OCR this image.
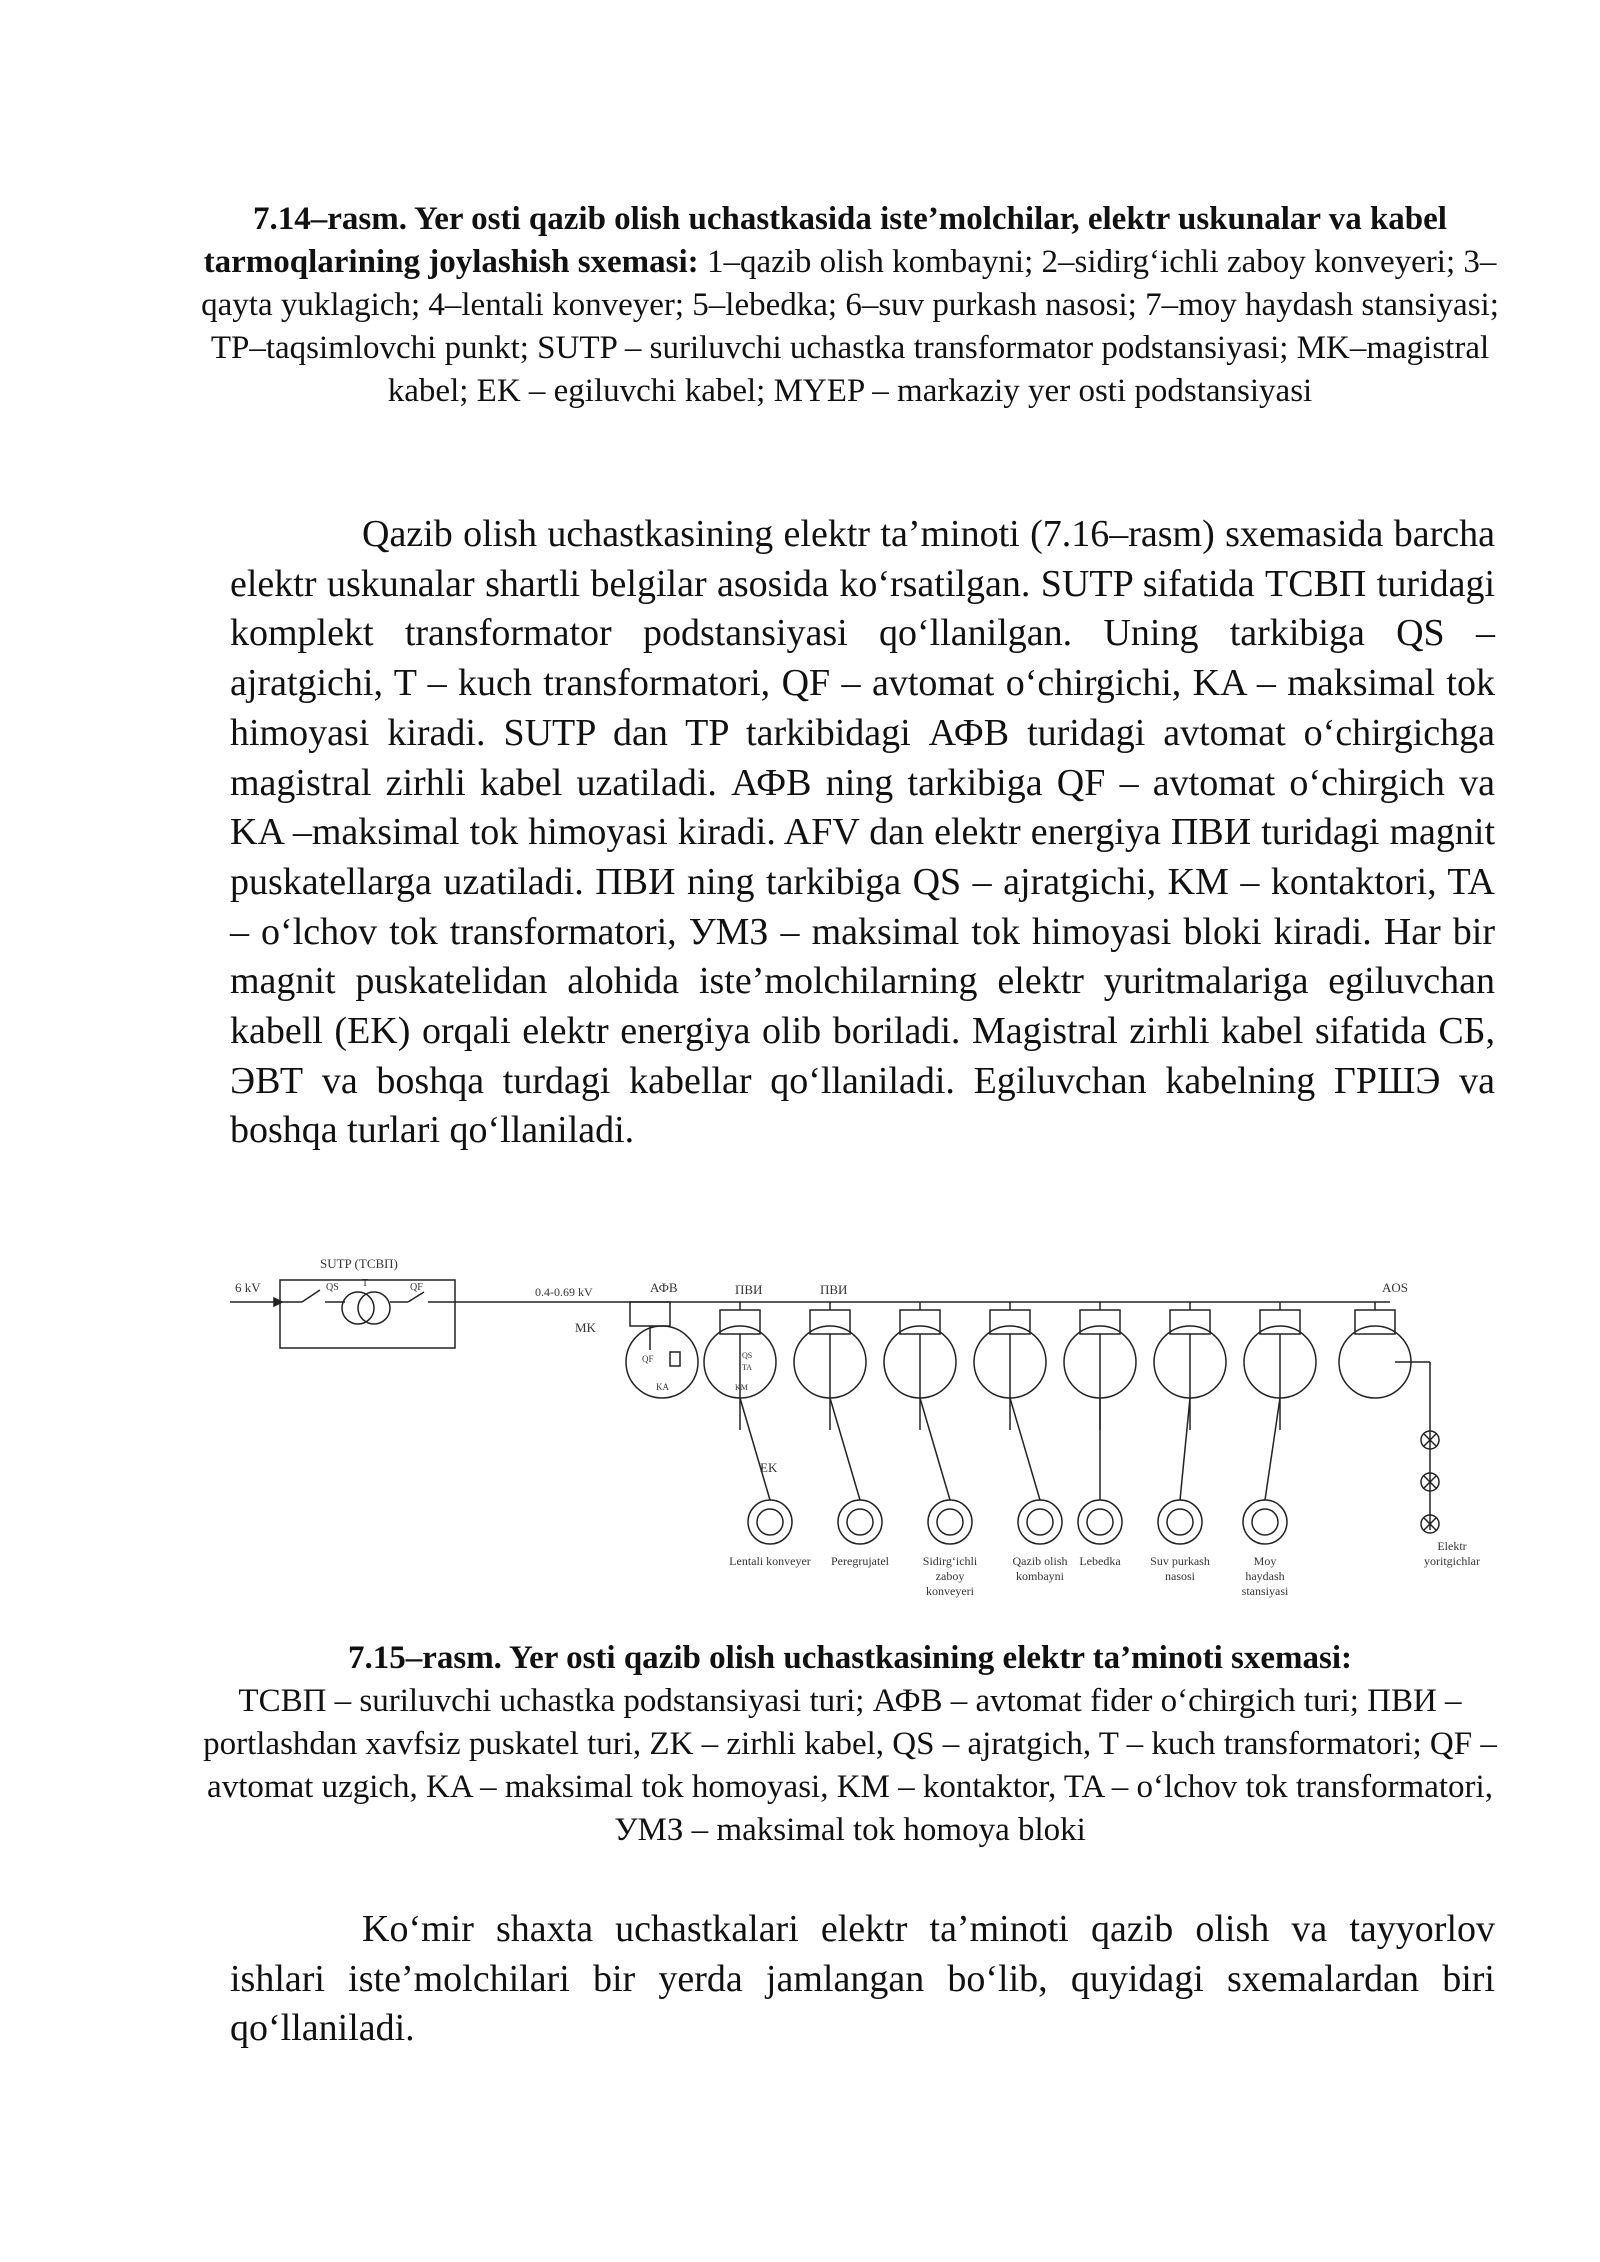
7.14–rasm. Yer osti qazib olish uchastkasida iste’molchilar, elektr uskunalar va kabel tarmoqlarining joylashish sxemasi: 1–qazib olish kombayni; 2–sidirg‘ichli zaboy konveyeri; 3–qayta yuklagich; 4–lentali konveyer; 5–lebedka; 6–suv purkash nasosi; 7–moy haydash stansiyasi; TP–taqsimlovchi punkt; SUTP – suriluvchi uchastka transformator podstansiyasi; MK–magistral kabel; EK – egiluvchi kabel; MYEP – markaziy yer osti podstansiyasi
Qazib olish uchastkasining elektr ta’minoti (7.16–rasm) sxemasida barcha elektr uskunalar shartli belgilar asosida ko‘rsatilgan. SUTP sifatida ТСВП turidagi komplekt transformator podstansiyasi qo‘llanilgan. Uning tarkibiga QS – ajratgichi, T – kuch transformatori, QF – avtomat o‘chirgichi, KA – maksimal tok himoyasi kiradi. SUTP dan TP tarkibidagi АФВ turidagi avtomat o‘chirgichga magistral zirhli kabel uzatiladi. АФВ ning tarkibiga QF – avtomat o‘chirgich va KA –maksimal tok himoyasi kiradi. AFV dan elektr energiya ПВИ turidagi magnit puskatellarga uzatiladi. ПВИ ning tarkibiga QS – ajratgichi, KM – kontaktori, TA – o‘lchov tok transformatori, УМЗ – maksimal tok himoyasi bloki kiradi. Har bir magnit puskatelidan alohida iste’molchilarning elektr yuritmalariga egiluvchan kabell (EK) orqali elektr energiya olib boriladi. Magistral zirhli kabel sifatida СБ, ЭВТ va boshqa turdagi kabellar qo‘llaniladi. Egiluvchan kabelning ГРШЭ va boshqa turlari qo‘llaniladi.
SUTP (ТСВП)
6 kV	QS T	QF	0.4-0.69 kV
MK
АФВ	ПВИ	ПВИ	AOS
EK
QF
KA
QS
TA
KM
Lentali konveyer Peregrujatel	Sidirg‘ichli zaboy konveyeri
Qazib olish kombayni
Lebedka Suv purkash nasosi
Moy haydash stansiyasi
Elektr yoritgichlar
7.15–rasm. Yer osti qazib olish uchastkasining elektr ta’minoti sxemasi:
ТСВП – suriluvchi uchastka podstansiyasi turi; АФВ – avtomat fider o‘chirgich turi; ПВИ – portlashdan xavfsiz puskatel turi, ZK – zirhli kabel, QS – ajratgich, T – kuch transformatori; QF – avtomat uzgich, KA – maksimal tok homoyasi, KM – kontaktor, TA – o‘lchov tok transformatori, УМЗ – maksimal tok homoya bloki
Ko‘mir shaxta uchastkalari elektr ta’minoti qazib olish va tayyorlov ishlari iste’molchilari bir yerda jamlangan bo‘lib, quyidagi sxemalardan biri qo‘llaniladi.
